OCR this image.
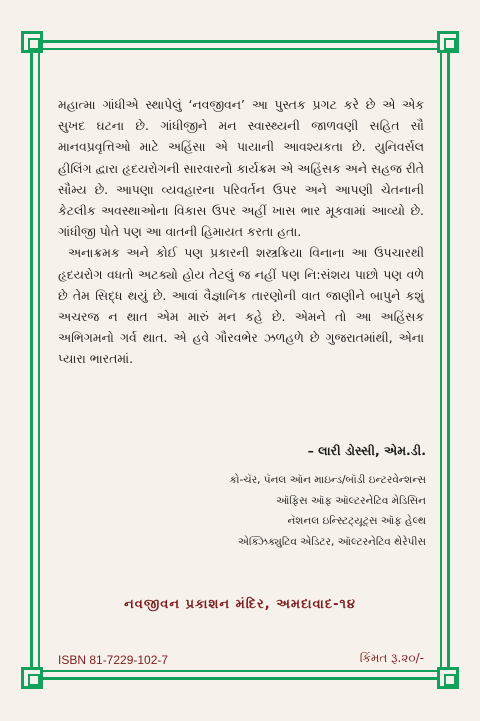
મહાત્મા ગાંધીએ સ્થાપેલું ‘નવજીવન’ આ પુસ્તક પ્રગટ કરે છે એ એક સુખદ ઘટના છે. ગાંધીજીને મન સ્વાસ્થ્યની જાળવણી સહિત સૌ માનવપ્રવૃત્તિઓ માટે અહિંસા એ પાયાની આવશ્યકતા છે. યુનિવર્સલ હીલિંગ દ્વારા હૃદયરોગની સારવારનો કાર્યક્રમ એ અહિંસક અને સહજ રીતે સૌમ્ય છે. આપણા વ્યવહારના પરિવર્તન ઉપર અને આપણી ચેતનાની કેટલીક અવસ્થાઓના વિકાસ ઉપર અહીં ખાસ ભાર મૂકવામાં આવ્યો છે. ગાંધીજી પોતે પણ આ વાતની હિમાયત કરતા હતા.

અનાક્રમક અને કોઈ પણ પ્રકારની શસ્ત્રક્રિયા વિનાના આ ઉપચારથી હૃદયરોગ વધતો અટક્યો હોય તેટલું જ નહીં પણ નિ:સંશય પાછો પણ વળે છે તેમ સિદ્ધ થયું છે. આવાં વૈજ્ઞાનિક તારણોની વાત જાણીને બાપુને કશું અચરજ ન થાત એમ મારું મન કહે છે. એમને તો આ અહિંસક અભિગમનો ગર્વ થાત. એ હવે ગૌરવભેર ઝળહળે છે ગુજરાતમાંથી, એના પ્યારા ભારતમાં.

– લારી ડોસ્સી, એમ.ડી.
કો-ચૅર, પૅનલ ઑન માઇન્ડ/બૉડી ઇન્ટરવેન્શન્સ
ઑફિસ ઑફ ઑલ્ટરનેટિવ મેડિસિન
નૅશનલ ઇન્સ્ટિટ્યૂટ્સ ઑફ હેલ્થ
એક્ઝિક્યુટિવ એડિટર, ઑલ્ટરનેટિવ થેરેપીસ
નવજીવન પ્રકાશન મંદિર, અમદાવાદ-૧૪
ISBN 81-7229-102-7	કિંમત રૂ.૨૦/-
